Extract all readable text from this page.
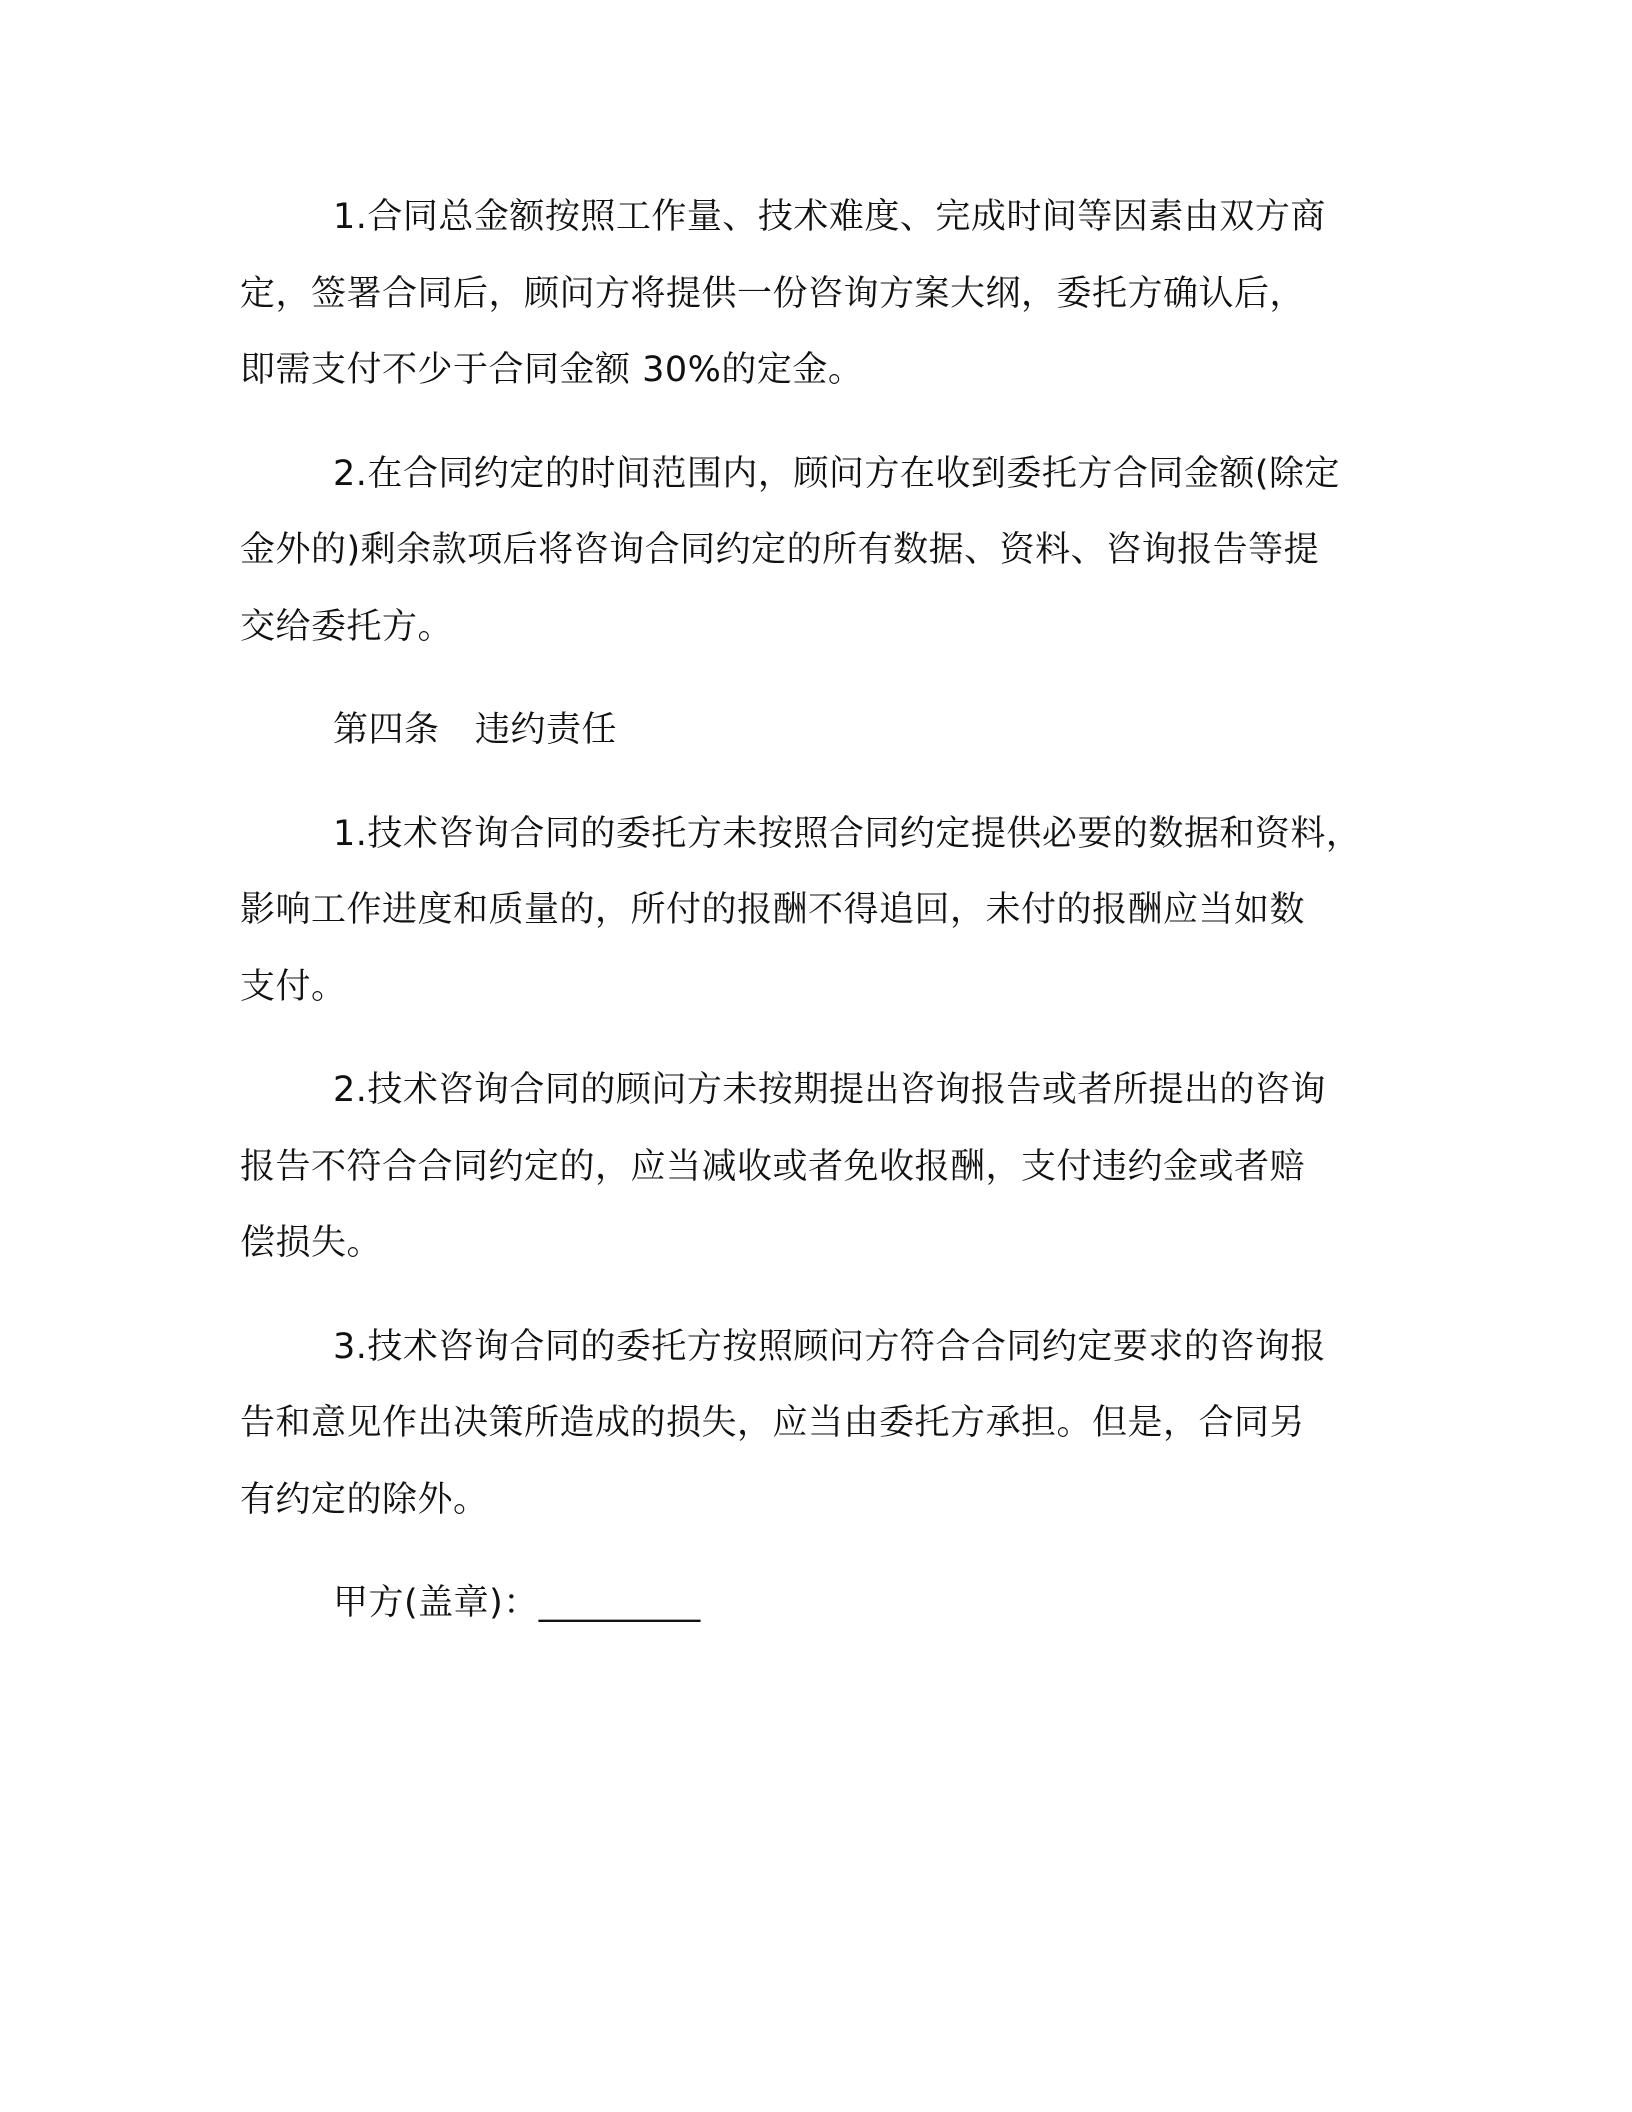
1.合同总金额按照工作量、技术难度、完成时间等因素由双方商
定，签署合同后，顾问方将提供一份咨询方案大纲，委托方确认后，
即需支付不少于合同金额 30%的定金。
2.在合同约定的时间范围内，顾问方在收到委托方合同金额(除定
金外的)剩余款项后将咨询合同约定的所有数据、资料、咨询报告等提
交给委托方。
第四条　违约责任
1.技术咨询合同的委托方未按照合同约定提供必要的数据和资料，
影响工作进度和质量的，所付的报酬不得追回，未付的报酬应当如数
支付。
2.技术咨询合同的顾问方未按期提出咨询报告或者所提出的咨询
报告不符合合同约定的，应当减收或者免收报酬，支付违约金或者赔
偿损失。
3.技术咨询合同的委托方按照顾问方符合合同约定要求的咨询报
告和意见作出决策所造成的损失，应当由委托方承担。但是，合同另
有约定的除外。
甲方(盖章)：_________
